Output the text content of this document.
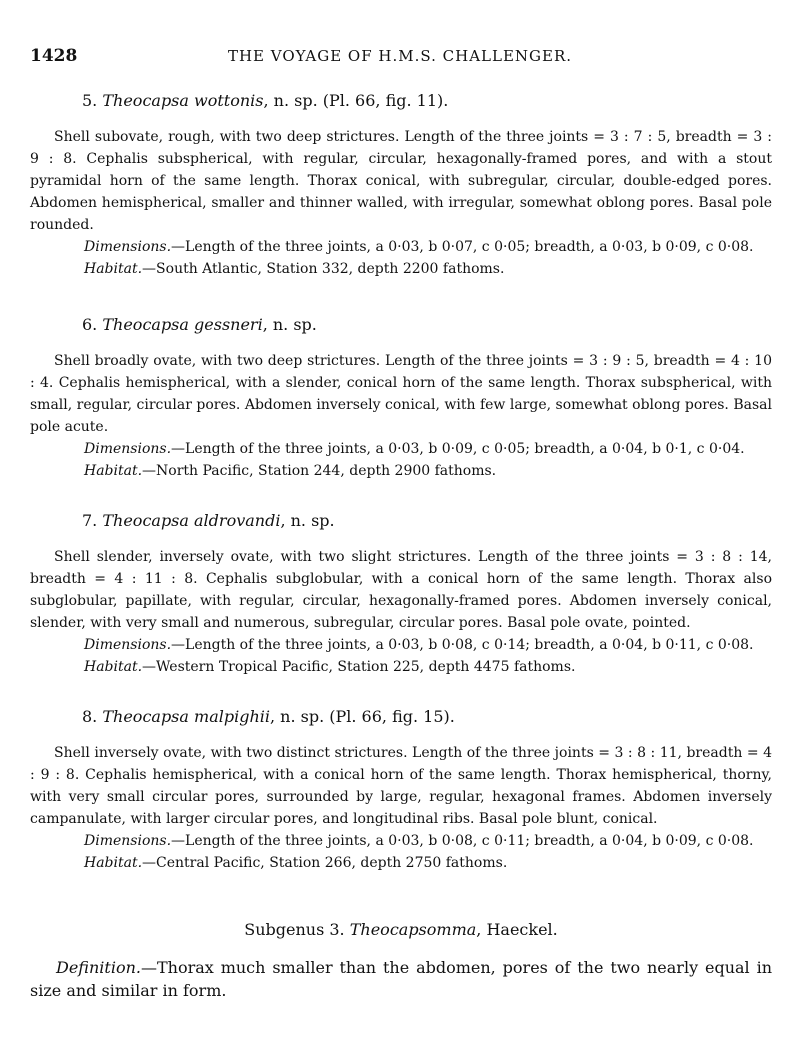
1428	THE VOYAGE OF H.M.S. CHALLENGER.
5. Theocapsa wottonis, n. sp. (Pl. 66, fig. 11).

Shell subovate, rough, with two deep strictures. Length of the three joints = 3 : 7 : 5, breadth = 3 : 9 : 8. Cephalis subspherical, with regular, circular, hexagonally-framed pores, and with a stout pyramidal horn of the same length. Thorax conical, with subregular, circular, double-edged pores. Abdomen hemispherical, smaller and thinner walled, with irregular, somewhat oblong pores. Basal pole rounded.

Dimensions.—Length of the three joints, a 0·03, b 0·07, c 0·05; breadth, a 0·03, b 0·09, c 0·08.
Habitat.—South Atlantic, Station 332, depth 2200 fathoms.
6. Theocapsa gessneri, n. sp.

Shell broadly ovate, with two deep strictures. Length of the three joints = 3 : 9 : 5, breadth = 4 : 10 : 4. Cephalis hemispherical, with a slender, conical horn of the same length. Thorax subspherical, with small, regular, circular pores. Abdomen inversely conical, with few large, somewhat oblong pores. Basal pole acute.

Dimensions.—Length of the three joints, a 0·03, b 0·09, c 0·05; breadth, a 0·04, b 0·1, c 0·04.
Habitat.—North Pacific, Station 244, depth 2900 fathoms.
7. Theocapsa aldrovandi, n. sp.

Shell slender, inversely ovate, with two slight strictures. Length of the three joints = 3 : 8 : 14, breadth = 4 : 11 : 8. Cephalis subglobular, with a conical horn of the same length. Thorax also subglobular, papillate, with regular, circular, hexagonally-framed pores. Abdomen inversely conical, slender, with very small and numerous, subregular, circular pores. Basal pole ovate, pointed.

Dimensions.—Length of the three joints, a 0·03, b 0·08, c 0·14; breadth, a 0·04, b 0·11, c 0·08.
Habitat.—Western Tropical Pacific, Station 225, depth 4475 fathoms.
8. Theocapsa malpighii, n. sp. (Pl. 66, fig. 15).

Shell inversely ovate, with two distinct strictures. Length of the three joints = 3 : 8 : 11, breadth = 4 : 9 : 8. Cephalis hemispherical, with a conical horn of the same length. Thorax hemispherical, thorny, with very small circular pores, surrounded by large, regular, hexagonal frames. Abdomen inversely campanulate, with larger circular pores, and longitudinal ribs. Basal pole blunt, conical.

Dimensions.—Length of the three joints, a 0·03, b 0·08, c 0·11; breadth, a 0·04, b 0·09, c 0·08.
Habitat.—Central Pacific, Station 266, depth 2750 fathoms.
Subgenus 3. Theocapsomma, Haeckel.

Definition.—Thorax much smaller than the abdomen, pores of the two nearly equal in size and similar in form.
